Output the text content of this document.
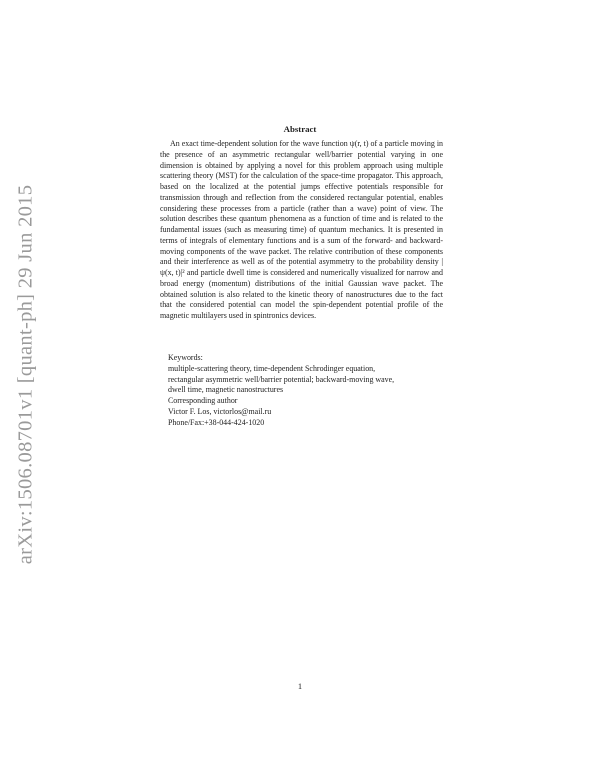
arXiv:1506.08701v1 [quant-ph] 29 Jun 2015
Abstract
An exact time-dependent solution for the wave function ψ(r, t) of a particle moving in the presence of an asymmetric rectangular well/barrier potential varying in one dimension is obtained by applying a novel for this problem approach using multiple scattering theory (MST) for the calculation of the space-time propagator. This approach, based on the localized at the potential jumps effective potentials responsible for transmission through and reflection from the considered rectangular potential, enables considering these processes from a particle (rather than a wave) point of view. The solution describes these quantum phenomena as a function of time and is related to the fundamental issues (such as measuring time) of quantum mechanics. It is presented in terms of integrals of elementary functions and is a sum of the forward- and backward-moving components of the wave packet. The relative contribution of these components and their interference as well as of the potential asymmetry to the probability density |ψ(x, t)|² and particle dwell time is considered and numerically visualized for narrow and broad energy (momentum) distributions of the initial Gaussian wave packet. The obtained solution is also related to the kinetic theory of nanostructures due to the fact that the considered potential can model the spin-dependent potential profile of the magnetic multilayers used in spintronics devices.
Keywords:
multiple-scattering theory, time-dependent Schrodinger equation,
rectangular asymmetric well/barrier potential; backward-moving wave,
dwell time, magnetic nanostructures
Corresponding author
Victor F. Los, victorlos@mail.ru
Phone/Fax:+38-044-424-1020
1
